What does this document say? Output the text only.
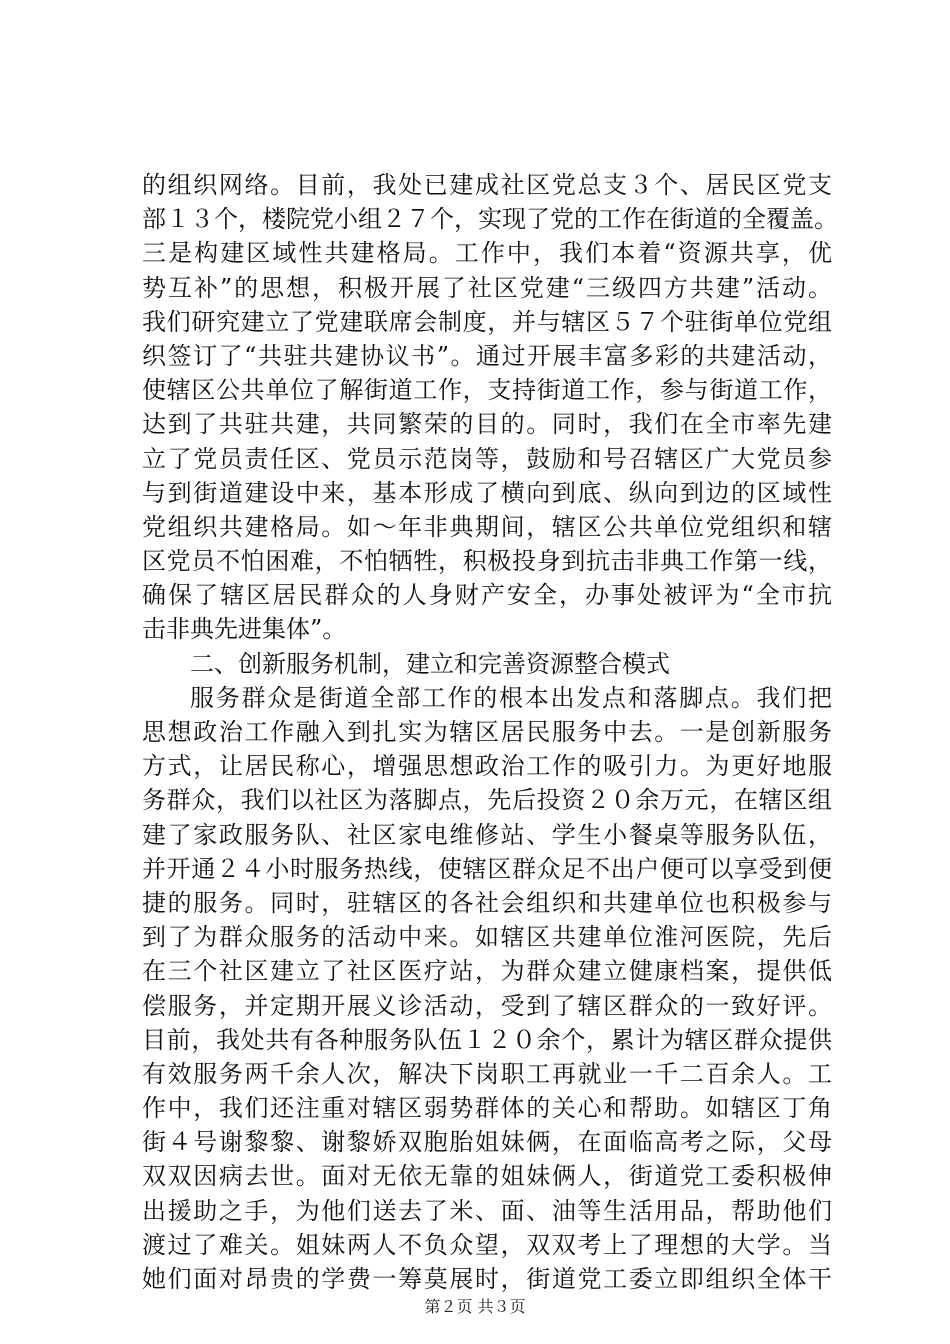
的组织网络。目前，我处已建成社区党总支３个、居民区党支
部１３个，楼院党小组２７个，实现了党的工作在街道的全覆盖。
三是构建区域性共建格局。工作中，我们本着“资源共享，优
势互补”的思想，积极开展了社区党建“三级四方共建”活动。
我们研究建立了党建联席会制度，并与辖区５７个驻街单位党组
织签订了“共驻共建协议书”。通过开展丰富多彩的共建活动，
使辖区公共单位了解街道工作，支持街道工作，参与街道工作，
达到了共驻共建，共同繁荣的目的。同时，我们在全市率先建
立了党员责任区、党员示范岗等，鼓励和号召辖区广大党员参
与到街道建设中来，基本形成了横向到底、纵向到边的区域性
党组织共建格局。如～年非典期间，辖区公共单位党组织和辖
区党员不怕困难，不怕牺牲，积极投身到抗击非典工作第一线，
确保了辖区居民群众的人身财产安全，办事处被评为“全市抗
击非典先进集体”。
二、创新服务机制，建立和完善资源整合模式
服务群众是街道全部工作的根本出发点和落脚点。我们把
思想政治工作融入到扎实为辖区居民服务中去。一是创新服务
方式，让居民称心，增强思想政治工作的吸引力。为更好地服
务群众，我们以社区为落脚点，先后投资２０余万元，在辖区组
建了家政服务队、社区家电维修站、学生小餐桌等服务队伍，
并开通２４小时服务热线，使辖区群众足不出户便可以享受到便
捷的服务。同时，驻辖区的各社会组织和共建单位也积极参与
到了为群众服务的活动中来。如辖区共建单位淮河医院，先后
在三个社区建立了社区医疗站，为群众建立健康档案，提供低
偿服务，并定期开展义诊活动，受到了辖区群众的一致好评。
目前，我处共有各种服务队伍１２０余个，累计为辖区群众提供
有效服务两千余人次，解决下岗职工再就业一千二百余人。工
作中，我们还注重对辖区弱势群体的关心和帮助。如辖区丁角
街４号谢黎黎、谢黎娇双胞胎姐妹俩，在面临高考之际，父母
双双因病去世。面对无依无靠的姐妹俩人，街道党工委积极伸
出援助之手，为他们送去了米、面、油等生活用品，帮助他们
渡过了难关。姐妹两人不负众望，双双考上了理想的大学。当
她们面对昂贵的学费一筹莫展时，街道党工委立即组织全体干
第２页 共３页
